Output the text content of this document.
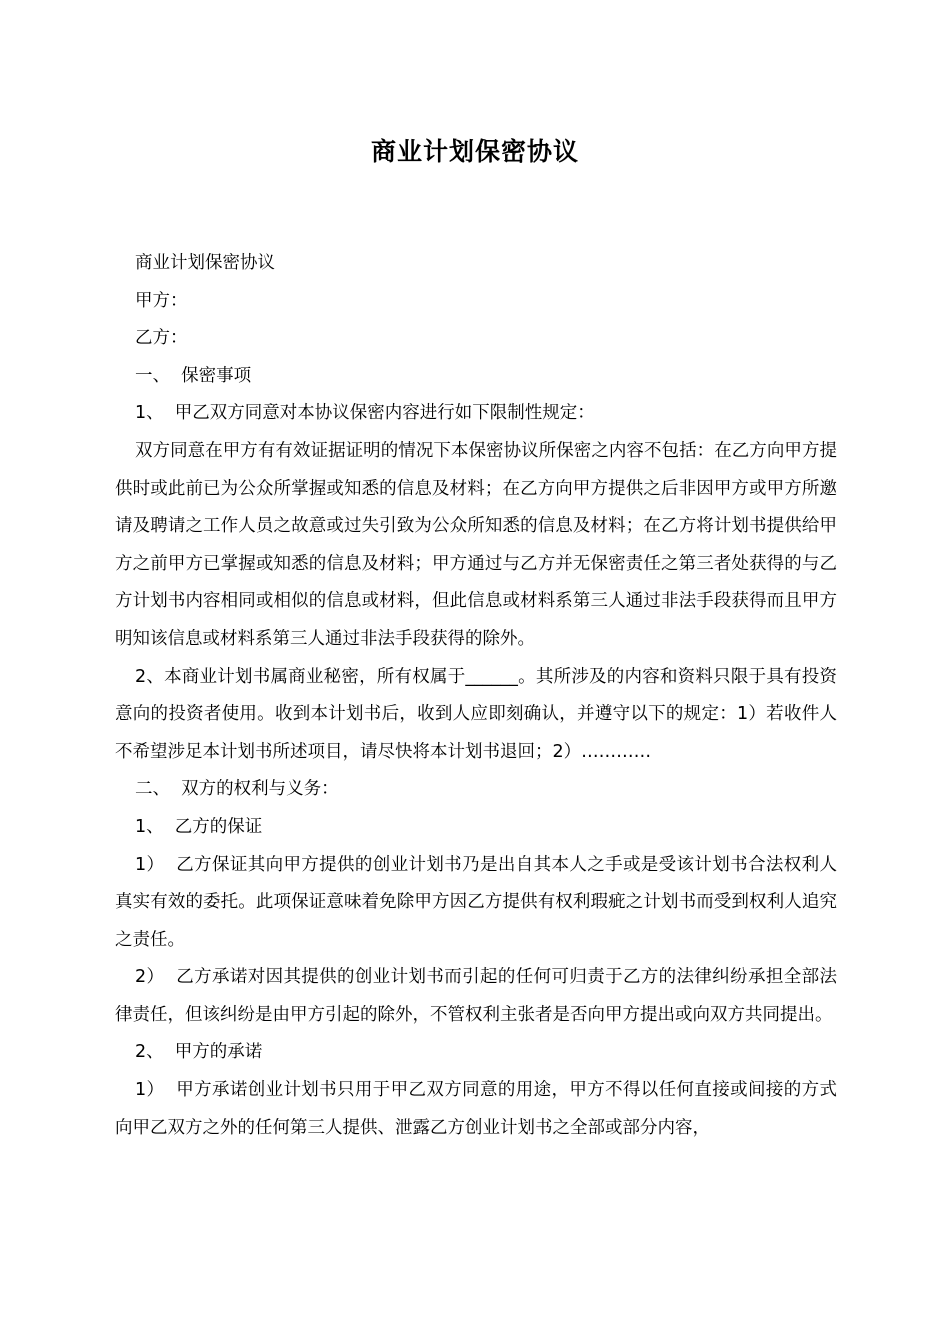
商业计划保密协议

商业计划保密协议

甲方：

乙方：

一、  保密事项

1、  甲乙双方同意对本协议保密内容进行如下限制性规定：

双方同意在甲方有有效证据证明的情况下本保密协议所保密之内容不包括：在乙方向甲方提供时或此前已为公众所掌握或知悉的信息及材料；在乙方向甲方提供之后非因甲方或甲方所邀请及聘请之工作人员之故意或过失引致为公众所知悉的信息及材料；在乙方将计划书提供给甲方之前甲方已掌握或知悉的信息及材料；甲方通过与乙方并无保密责任之第三者处获得的与乙方计划书内容相同或相似的信息或材料，但此信息或材料系第三人通过非法手段获得而且甲方明知该信息或材料系第三人通过非法手段获得的除外。

2、本商业计划书属商业秘密，所有权属于______。其所涉及的内容和资料只限于具有投资意向的投资者使用。收到本计划书后，收到人应即刻确认，并遵守以下的规定：1）若收件人不希望涉足本计划书所述项目，请尽快将本计划书退回；2）…………

二、  双方的权利与义务：

1、  乙方的保证

1）  乙方保证其向甲方提供的创业计划书乃是出自其本人之手或是受该计划书合法权利人真实有效的委托。此项保证意味着免除甲方因乙方提供有权利瑕疵之计划书而受到权利人追究之责任。

2）  乙方承诺对因其提供的创业计划书而引起的任何可归责于乙方的法律纠纷承担全部法律责任，但该纠纷是由甲方引起的除外，不管权利主张者是否向甲方提出或向双方共同提出。

2、  甲方的承诺

1）  甲方承诺创业计划书只用于甲乙双方同意的用途，甲方不得以任何直接或间接的方式向甲乙双方之外的任何第三人提供、泄露乙方创业计划书之全部或部分内容，
